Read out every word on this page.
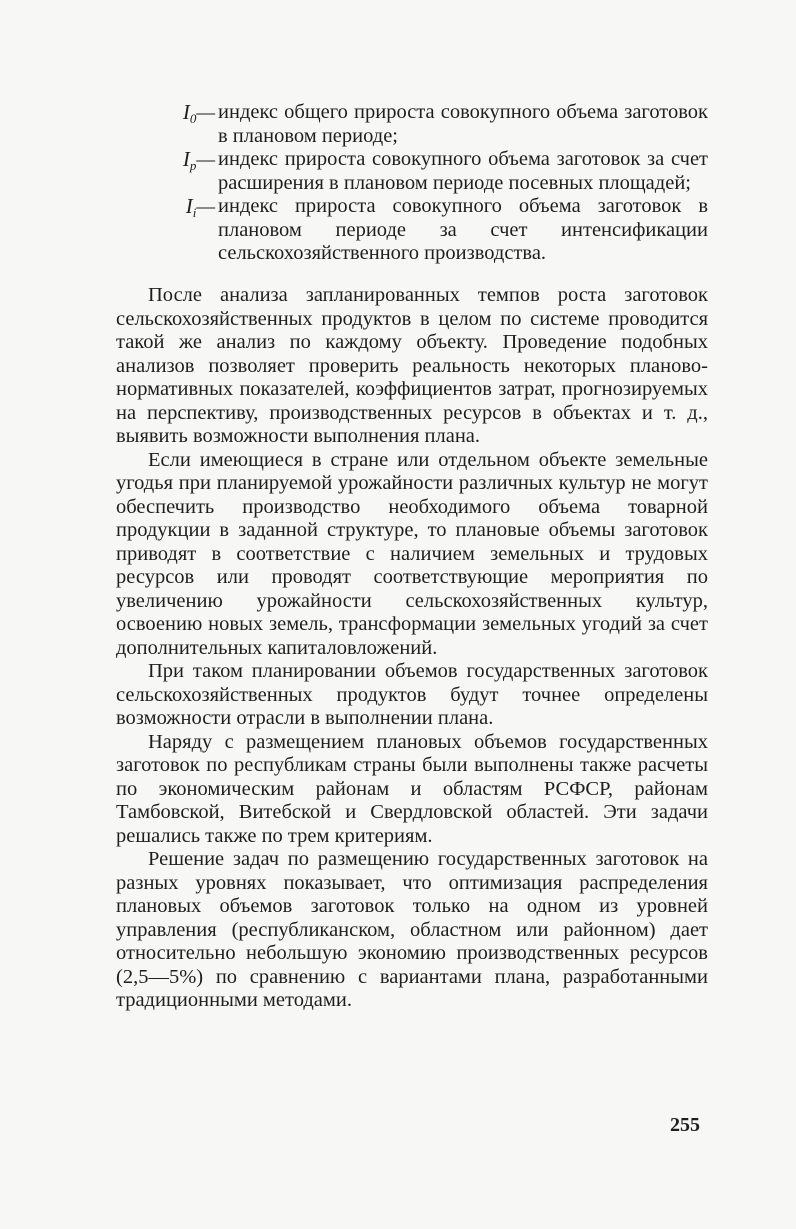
$I_0—$ индекс общего прироста совокупного объема заготовок в плановом периоде;

$I_p—$ индекс прироста совокупного объема заготовок за счет расширения в плановом периоде посевных площадей;

$I_i—$ индекс прироста совокупного объема заготовок в плановом периоде за счет интенсификации сельскохозяйственного производства.

После анализа запланированных темпов роста заготовок сельскохозяйственных продуктов в целом по системе проводится такой же анализ по каждому объекту. Проведение подобных анализов позволяет проверить реальность некоторых планово-нормативных показателей, коэффициентов затрат, прогнозируемых на перспективу, производственных ресурсов в объектах и т. д., выявить возможности выполнения плана.

Если имеющиеся в стране или отдельном объекте земельные угодья при планируемой урожайности различных культур не могут обеспечить производство необходимого объема товарной продукции в заданной структуре, то плановые объемы заготовок приводят в соответствие с наличием земельных и трудовых ресурсов или проводят соответствующие мероприятия по увеличению урожайности сельскохозяйственных культур, освоению новых земель, трансформации земельных угодий за счет дополнительных капиталовложений.

При таком планировании объемов государственных заготовок сельскохозяйственных продуктов будут точнее определены возможности отрасли в выполнении плана.

Наряду с размещением плановых объемов государственных заготовок по республикам страны были выполнены также расчеты по экономическим районам и областям РСФСР, районам Тамбовской, Витебской и Свердловской областей. Эти задачи решались также по трем критериям.

Решение задач по размещению государственных заготовок на разных уровнях показывает, что оптимизация распределения плановых объемов заготовок только на одном из уровней управления (республиканском, областном или районном) дает относительно небольшую экономию производственных ресурсов (2,5—5%) по сравнению с вариантами плана, разработанными традиционными методами.

255
